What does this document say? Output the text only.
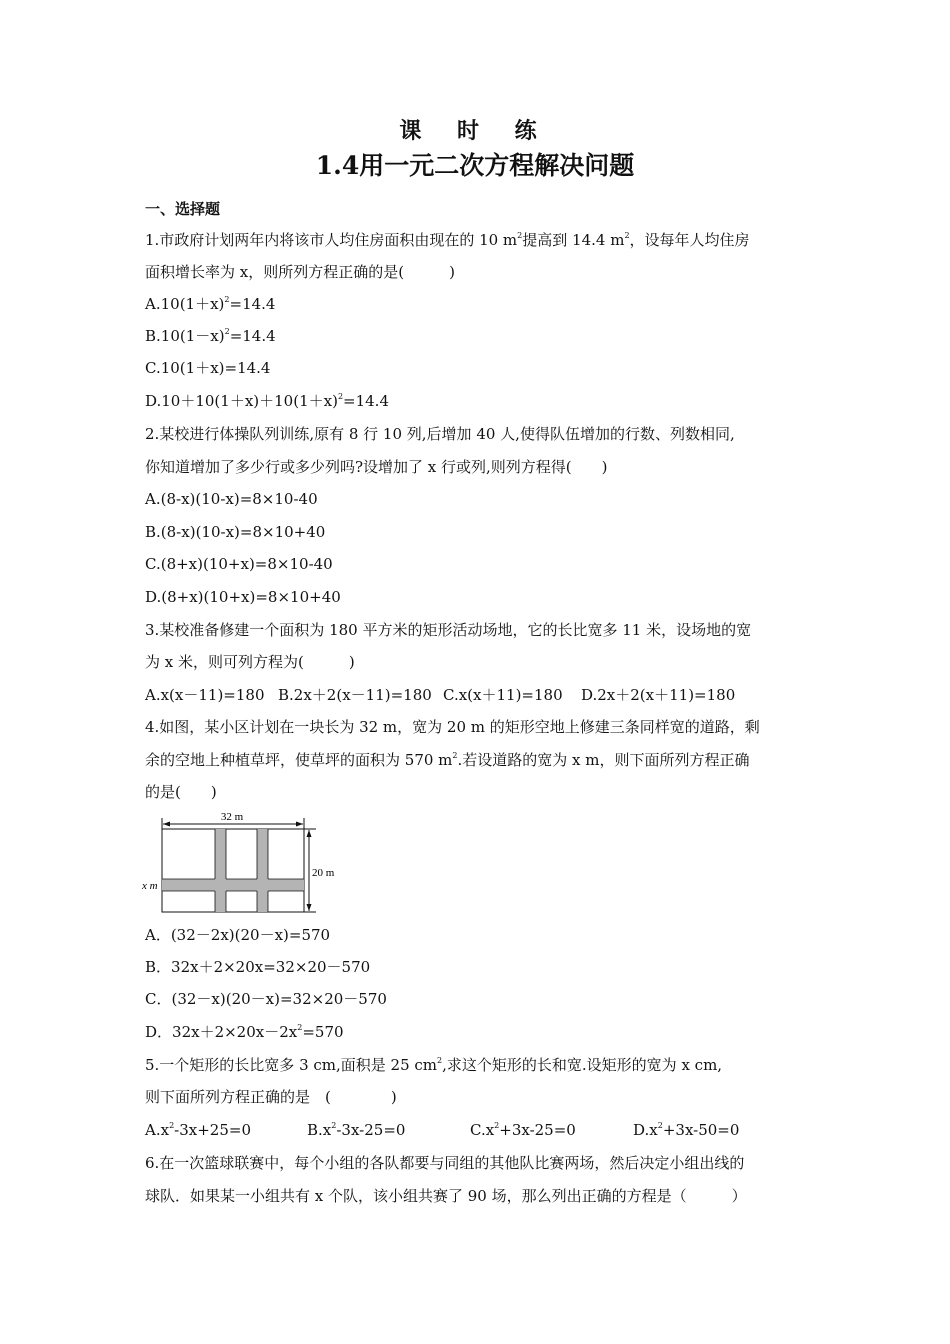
课 时 练
1.4用一元二次方程解决问题
一、选择题
1.市政府计划两年内将该市人均住房面积由现在的 10 $m^2$提高到 14.4 $m^2$，设每年人均住房
面积增长率为 x，则所列方程正确的是(　　　)
$A.10(1+x)^2=14.4$
$B.10(1-x)^2=14.4$
C.10(1＋x)=14.4
$D.10+10(1+x)+10(1+x)^2=14.4$
2.某校进行体操队列训练,原有 8 行 10 列,后增加 40 人,使得队伍增加的行数、列数相同,
你知道增加了多少行或多少列吗?设增加了 x 行或列,则列方程得(　　)
A.(8-x)(10-x)=8×10-40
B.(8-x)(10-x)=8×10+40
C.(8+x)(10+x)=8×10-40
D.(8+x)(10+x)=8×10+40
3.某校准备修建一个面积为 180 平方米的矩形活动场地，它的长比宽多 11 米，设场地的宽
为 x 米，则可列方程为(　　　)
A.x(x－11)=180 B.2x＋2(x－11)=180 C.x(x＋11)=180 D.2x＋2(x＋11)=180
4.如图，某小区计划在一块长为 32 m，宽为 20 m 的矩形空地上修建三条同样宽的道路，剩
余的空地上种植草坪，使草坪的面积为 570 $m^2$.若设道路的宽为 x m，则下面所列方程正确
的是(　　)
32 m
20 m
x m
A．(32－2x)(20－x)=570
B．32x＋2×20x=32×20－570
C．(32－x)(20－x)=32×20－570
D．$32x+2\times 20x-2x^2=570$
5.一个矩形的长比宽多 3 cm,面积是 25 $cm^2$,求这个矩形的长和宽.设矩形的宽为 x cm,
则下面所列方程正确的是　(　　　　)
$A.x^2-3x+25=0$	$B.x^2-3x-25=0$	$C.x^2+3x-25=0$	$D.x^2+3x-50=0$
6.在一次篮球联赛中，每个小组的各队都要与同组的其他队比赛两场，然后决定小组出线的
球队．如果某一小组共有 x 个队，该小组共赛了 90 场，那么列出正确的方程是（　　　）
